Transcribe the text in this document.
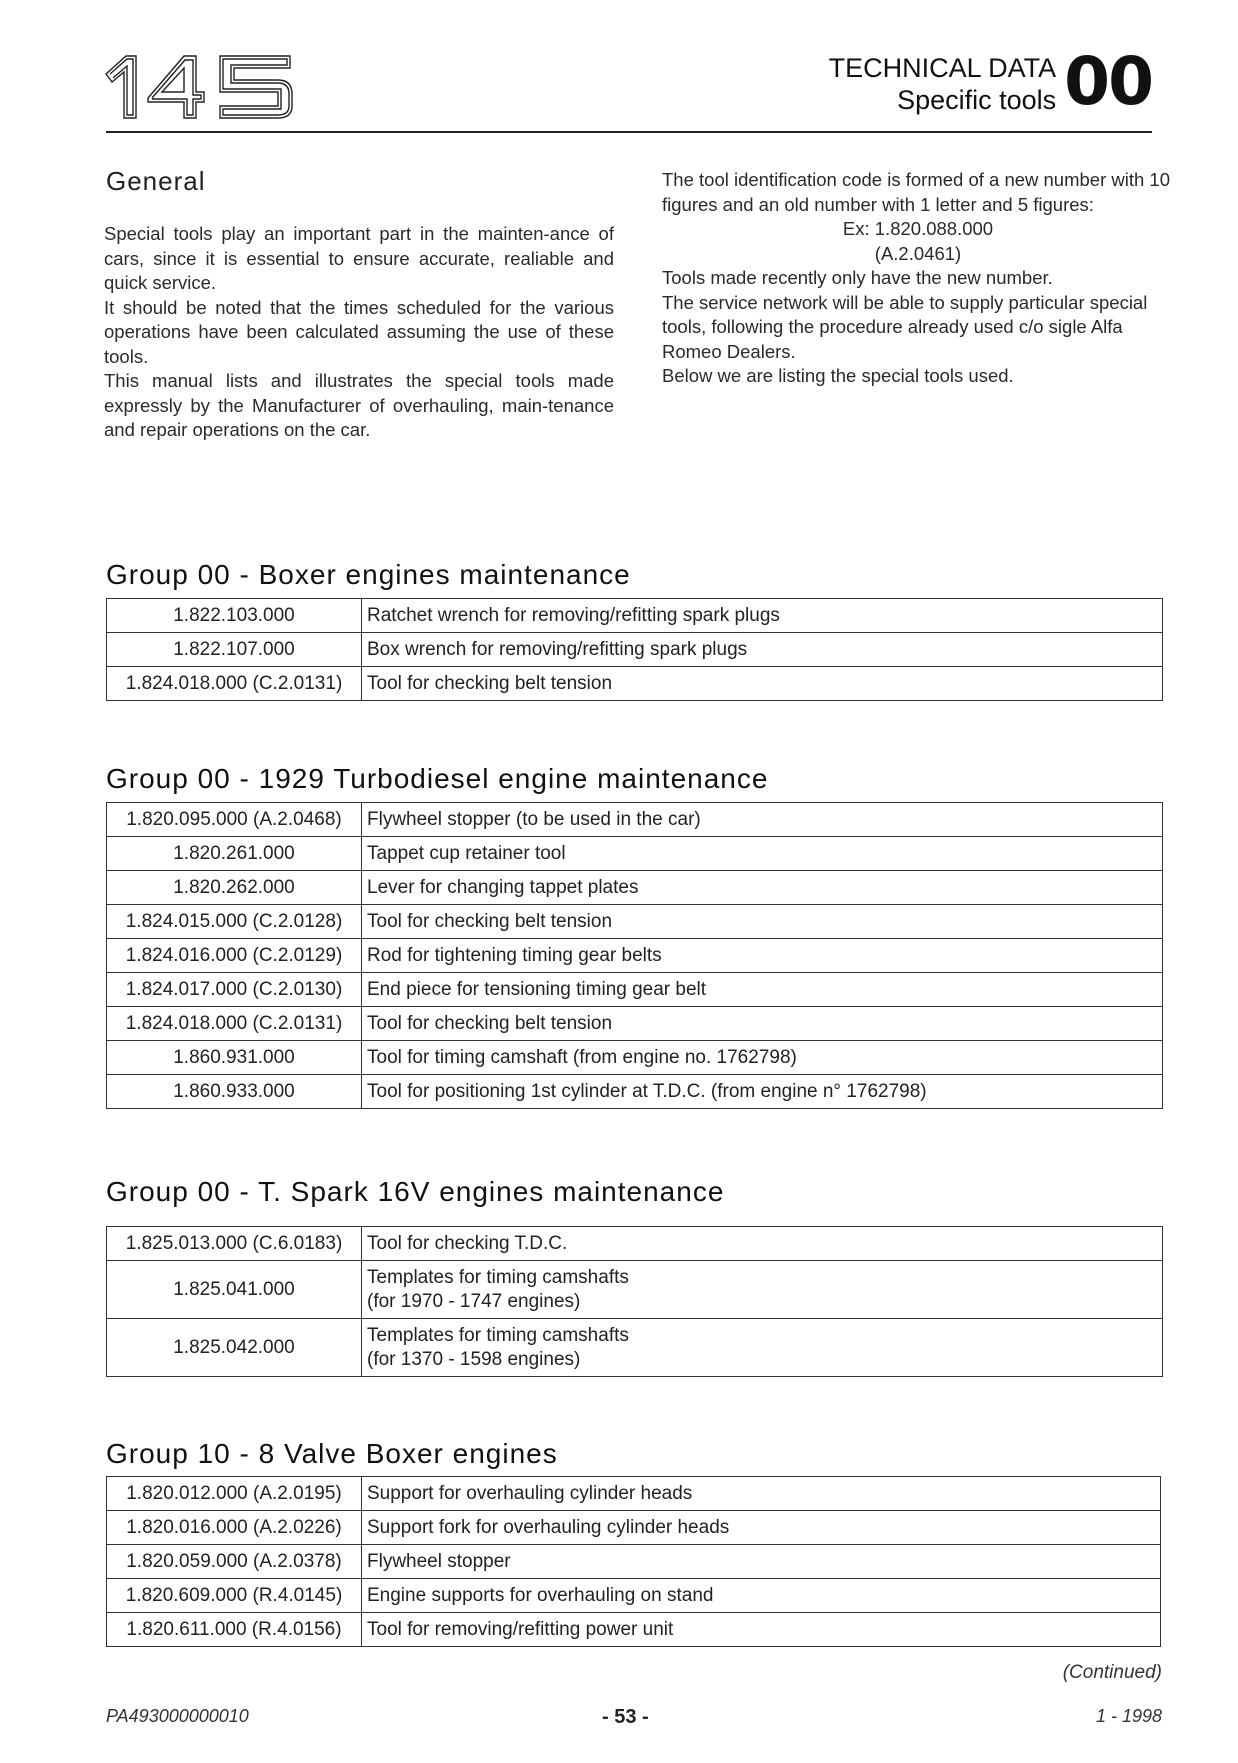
TECHNICAL DATA
Specific tools 00
General

Special tools play an important part in the mainten-ance of cars, since it is essential to ensure accurate, realiable and quick service.

It should be noted that the times scheduled for the various operations have been calculated assuming the use of these tools.

This manual lists and illustrates the special tools made expressly by the Manufacturer of overhauling, main-tenance and repair operations on the car.

The tool identification code is formed of a new number with 10 figures and an old number with 1 letter and 5 figures:

Ex: 1.820.088.000

(A.2.0461)

Tools made recently only have the new number.

The service network will be able to supply particular special tools, following the procedure already used c/o sigle Alfa Romeo Dealers.

Below we are listing the special tools used.

Group 00 - Boxer engines maintenance
1.822.103.000	Ratchet wrench for removing/refitting spark plugs
1.822.107.000	Box wrench for removing/refitting spark plugs
1.824.018.000 (C.2.0131)	Tool for checking belt tension
Group 00 - 1929 Turbodiesel engine maintenance
1.820.095.000 (A.2.0468)	Flywheel stopper (to be used in the car)
1.820.261.000	Tappet cup retainer tool
1.820.262.000	Lever for changing tappet plates
1.824.015.000 (C.2.0128)	Tool for checking belt tension
1.824.016.000 (C.2.0129)	Rod for tightening timing gear belts
1.824.017.000 (C.2.0130)	End piece for tensioning timing gear belt
1.824.018.000 (C.2.0131)	Tool for checking belt tension
1.860.931.000	Tool for timing camshaft (from engine no. 1762798)
1.860.933.000	Tool for positioning 1st cylinder at T.D.C. (from engine n° 1762798)
Group 00 - T. Spark 16V engines maintenance
1.825.013.000 (C.6.0183)	Tool for checking T.D.C.
1.825.041.000	Templates for timing camshafts
(for 1970 - 1747 engines)

1.825.042.000	Templates for timing camshafts
(for 1370 - 1598 engines)
Group 10 - 8 Valve Boxer engines
1.820.012.000 (A.2.0195)	Support for overhauling cylinder heads
1.820.016.000 (A.2.0226)	Support fork for overhauling cylinder heads
1.820.059.000 (A.2.0378)	Flywheel stopper
1.820.609.000 (R.4.0145)	Engine supports for overhauling on stand
1.820.611.000 (R.4.0156)	Tool for removing/refitting power unit
(Continued)
PA493000000010	- 53 -	1 - 1998
